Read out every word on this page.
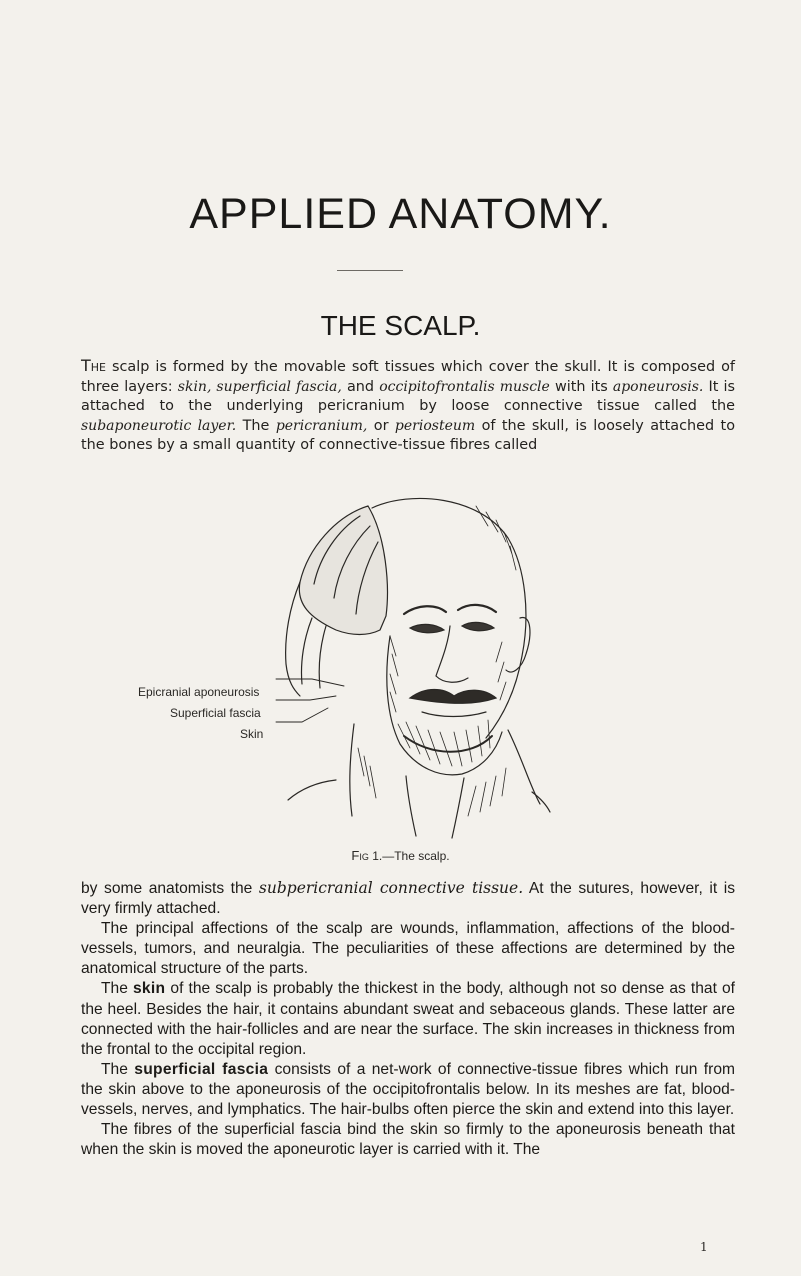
APPLIED ANATOMY.
THE SCALP.
The scalp is formed by the movable soft tissues which cover the skull. It is composed of three layers: skin, superficial fascia, and occipitofrontalis muscle with its aponeurosis. It is attached to the underlying pericranium by loose connective tissue called the subaponeurotic layer. The pericranium, or periosteum of the skull, is loosely attached to the bones by a small quantity of connective-tissue fibres called
Epicranial aponeurosis
Superficial fascia
Skin
Fig 1.—The scalp.

by some anatomists the subpericranial connective tissue. At the sutures, however, it is very firmly attached.

The principal affections of the scalp are wounds, inflammation, affections of the blood-vessels, tumors, and neuralgia. The peculiarities of these affections are determined by the anatomical structure of the parts.

The skin of the scalp is probably the thickest in the body, although not so dense as that of the heel. Besides the hair, it contains abundant sweat and sebaceous glands. These latter are connected with the hair-follicles and are near the surface. The skin increases in thickness from the frontal to the occipital region.

The superficial fascia consists of a net-work of connective-tissue fibres which run from the skin above to the aponeurosis of the occipitofrontalis below. In its meshes are fat, blood-vessels, nerves, and lymphatics. The hair-bulbs often pierce the skin and extend into this layer.

The fibres of the superficial fascia bind the skin so firmly to the aponeurosis beneath that when the skin is moved the aponeurotic layer is carried with it. The

1
